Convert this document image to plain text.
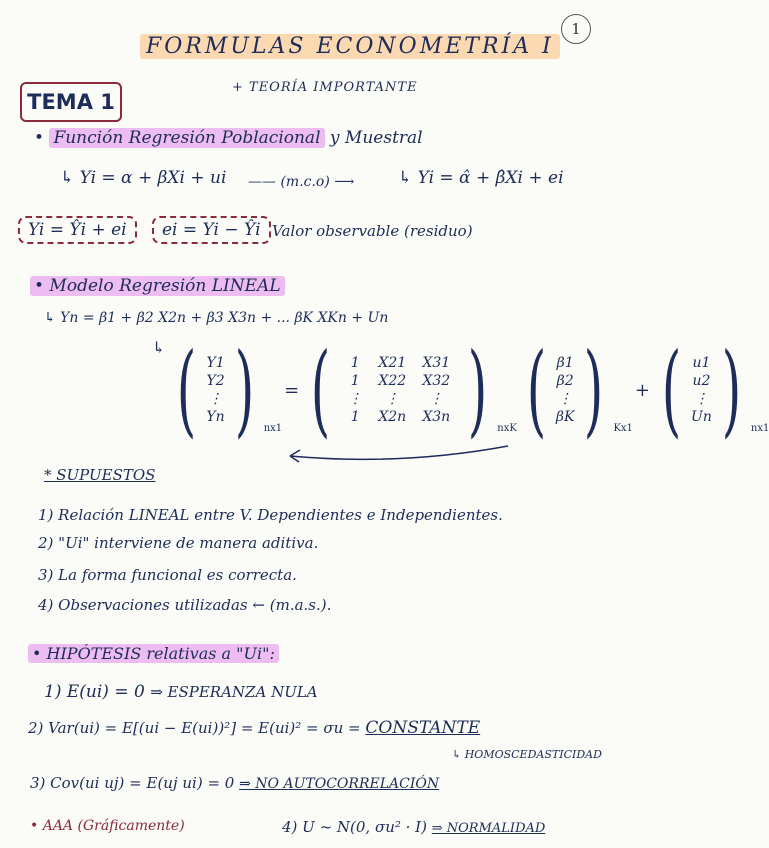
1
FORMULAS ECONOMETRÍA I
+ TEORÍA IMPORTANTE
TEMA 1
• Función Regresión Poblacional y Muestral
↳ Yi = α + βXi + ui —— (m.c.o) ⟶	↳ Yi = α̂ + β̂Xi + ei
Yi = Ŷi + ei	ei = Yi − Ŷi Valor observable (residuo)
• Modelo Regresión LINEAL
↳ Yn = β1 + β2 X2n + β3 X3n + ... βK XKn + Un
↳ ( Y1
Y2
⋮
Yn ) nx1
= (	1	X21	X31
1	X22	X32
⋮	⋮	⋮
1	X2n	X3n ) nxK ( β1
β2
⋮
βK ) Kx1
+ ( u1
u2
⋮
Un ) nx1
* SUPUESTOS
1) Relación LINEAL entre V. Dependientes e Independientes.
2) "Ui" interviene de manera aditiva.
3) La forma funcional es correcta.
4) Observaciones utilizadas ← (m.a.s.).
• HIPÓTESIS relativas a "Ui":
1) E(ui) = 0 ⇒ ESPERANZA NULA
2) Var(ui) = E[(ui − E(ui))²] = E(ui)² = σu = CONSTANTE
↳ HOMOSCEDASTICIDAD
3) Cov(ui uj) = E(uj ui) = 0 ⇒ NO AUTOCORRELACIÓN
• AAA (Gráficamente)	4) U ~ N(0, σu² · I) ⇒ NORMALIDAD
